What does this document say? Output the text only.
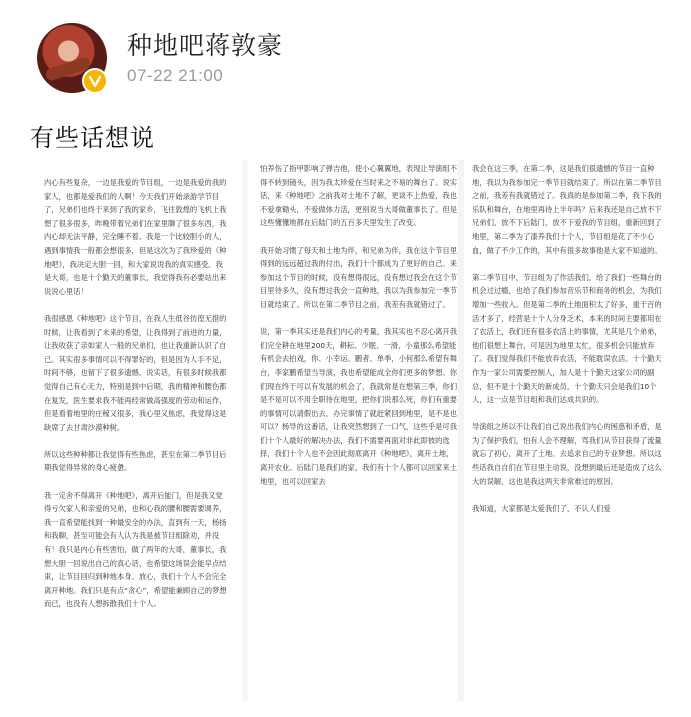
种地吧蒋敦豪
07-22 21:00
有些话想说
内心有些复杂，一边是我爱的节目组，一边是我爱的我的家人，也都是爱我们的人啊！今天我们开始录游学节目了，兄弟们也终于来到了我的家乡，飞往敦煌的飞机上我想了很多很多，昨晚带着兄弟们在家里聊了很多东西，我内心却无法平静，完全睡不着。我是一个比较胆小的人，遇到事情我一般都会想很多，但是这次为了我珍爱的《种地吧》，我决定大胆一回，和大家说说我的真实感受。我是大哥，也是十个勤天的董事长，我觉得我有必要站出来说说心里话！
我很感恩《种地吧》这个节目，在我人生低谷彷徨无措的时候，让我看到了未来的希望，让我得到了前进的力量，让我收获了亲如家人一般的兄弟们，也让我重新认识了自己。其实很多事情可以不得罪好的，但是因为人手不足，时间不够，也留下了很多遗憾。说实话，有很多时候我都觉得自己有心无力，特别是到中后期，我的精神和腰伤都在复发，医生要求我不能再经常做高强度的劳动和运作，但是看着地里的庄稼又很多，我心里又焦虑，我觉得这是缺席了去甘肃沙漠种树。
所以这些种种都让我觉得有些焦虑，甚至在第二季节目后期我觉得异常的身心疲惫。
我一定舍不得离开《种地吧》，离开后能门，但是我又觉得亏欠家人和亲爱的兄弟，也和心我的腰和腰需要调养，我一直希望能找到一种最安全的办法，直到有一天，杨扬和我聊，甚至可能会有人认为我是被节目组除劝，并没有！我只是内心有些害怕，做了两年的大哥，董事长，我想大胆一回说出自己的真心话，也希望这场误会能早点结束，让节目回归到种地本身。放心，我们十个人不会完全离开种地。我们只是有点“贪心”，希望能兼顾自己的梦想而已，也没有人想拆散我们十个人。
怕养伤了指甲影响了弹吉他，使小心翼翼地，表现让导演组不得不转到镜头，因为我太珍爱在当时来之不易的舞台了。说实话，来《种地吧》之前我对土地不了解，更谈不上热爱，我也不爱拿锄头，不爱做体力活，更别说当大哥做董事长了。但是这些懂懂地都在后陆门的五百多天里发生了改变。
我开始习惯了每天和土地为伴，和兄弟为伴，我在这个节目里得到的远远超过我的付出，我们十个都成为了更好的自己。来参加这个节目的时候，没有想得很远，没有想过我会在这个节目里待多久，没有想过我会一直种地，我以为我参加完一季节目就结束了。所以在第二季节目之前，我差有我就错过了。
说，第一季其实还是我们内心的考量，我其实也不忍心离开我们完全耕在地里200天，耕耘、少眠、一滑，小童那么希望能有机会去拍戏，你、小幸运、鹏者、单季，小何那么希望有舞台，李家鹏希望当导演，我也希望能成全你们更多的梦想。你们现在终于可以有发展的机会了，我就常是在想第三季，你们是不是可以不用全职待在地里，把你们说那么死，你们有重要的事情可以请假出去，办完事情了就赶紧回到地里，是不是也可以？杨导的这番话，让我突然想到了一口气，这些乎是可我们十个人最好的解决办法，我们不需要再面对非此即彼的选择，我们十个人也不会因此彻底离开《种地吧》，离开土地，离开农业。后陆门是我们的家，我们有十个人都可以回家来土地里，也可以回家去
我会在这三季，在第二季，这是我们很遗憾的节目一直种地，我以为我参加完一季节目就结束了。所以在第二季节目之前，我差有我就错过了。我真的是参加第二季，我下我的乐队和舞台，在地里再待上半年吗？后来我还是自己放不下兄弟们，放不下后陆门，放不下爱我的节目组，重新回到了地里，第二季为了漆养我们十个人，节目组是花了不少心血，做了不少工作的，其中有很多故事他是大家不知道的。
第二季节目中，节目组为了作活我们，给了我们一些舞台的机会过过瘾，也给了我们参加音乐节和商务的机会，为我们增加一些收入。但是第二季的土地面积太了好多，重于百的活才多了，经营是十个人分身乏术，本来的时间主要都用在了农活上，我们还有很多农活上的事情，尤其是几个弟弟，他们很想上舞台，可是因为地里太忙，很多机会只能放弃了。我们觉得我们不能放弃农活，不能耽误农活。十个勤天作为一家公司需要控制人，加人是十个勤天这家公司的副总，但不是十个勤天的新成员，十个勤天只会是我们10个人，这一点是节目组和我们达成共识的。
导演组之所以不让我们自己说出我们内心的困惑和矛盾，是为了保护我们，怕有人会不理解，骂我们从节目获得了流量就忘了初心，离开了土地。去追求自己的专业梦想。所以这些话我自自们在节目里主动说，没想到最后还是造成了这么大的误解，这也是我这两天非常难过的原因。
我知道，大家都是太爱我们了，不认人们爱
